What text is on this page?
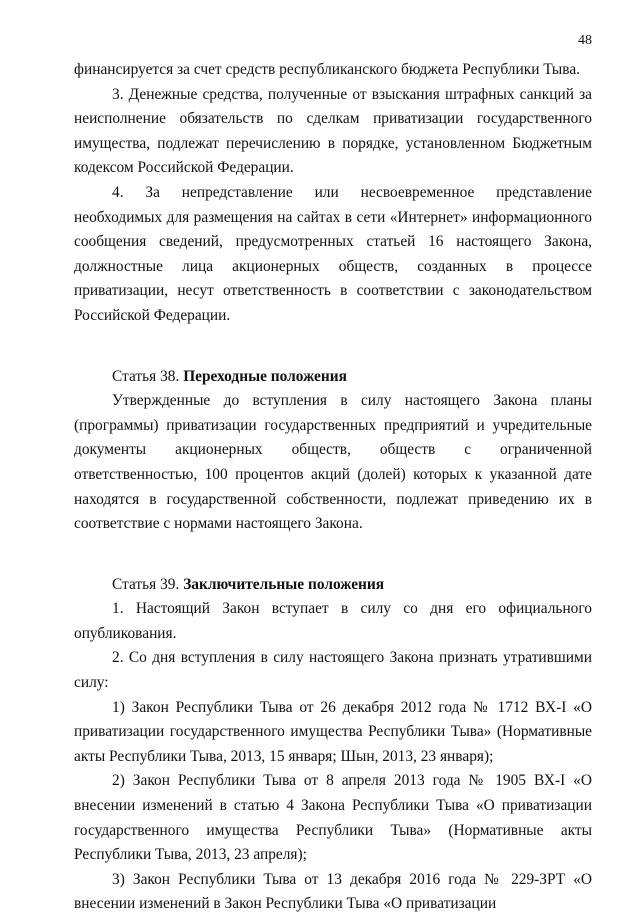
48

финансируется за счет средств республиканского бюджета Республики Тыва.

3. Денежные средства, полученные от взыскания штрафных санкций за неисполнение обязательств по сделкам приватизации государственного имущества, подлежат перечислению в порядке, установленном Бюджетным кодексом Российской Федерации.

4. За непредставление или несвоевременное представление необходимых для размещения на сайтах в сети «Интернет» информационного сообщения сведений, предусмотренных статьей 16 настоящего Закона, должностные лица акционерных обществ, созданных в процессе приватизации, несут ответственность в соответствии с законодательством Российской Федерации.

Статья 38. Переходные положения

Утвержденные до вступления в силу настоящего Закона планы (программы) приватизации государственных предприятий и учредительные документы акционерных обществ, обществ с ограниченной ответственностью, 100 процентов акций (долей) которых к указанной дате находятся в государственной собственности, подлежат приведению их в соответствие с нормами настоящего Закона.

Статья 39. Заключительные положения

1. Настоящий Закон вступает в силу со дня его официального опубликования.

2. Со дня вступления в силу настоящего Закона признать утратившими силу:

1) Закон Республики Тыва от 26 декабря 2012 года № 1712 ВХ-I «О приватизации государственного имущества Республики Тыва» (Нормативные акты Республики Тыва, 2013, 15 января; Шын, 2013, 23 января);

2) Закон Республики Тыва от 8 апреля 2013 года № 1905 ВХ-I «О внесении изменений в статью 4 Закона Республики Тыва «О приватизации государственного имущества Республики Тыва» (Нормативные акты Республики Тыва, 2013, 23 апреля);

3) Закон Республики Тыва от 13 декабря 2016 года № 229-ЗРТ «О внесении изменений в Закон Республики Тыва «О приватизации
